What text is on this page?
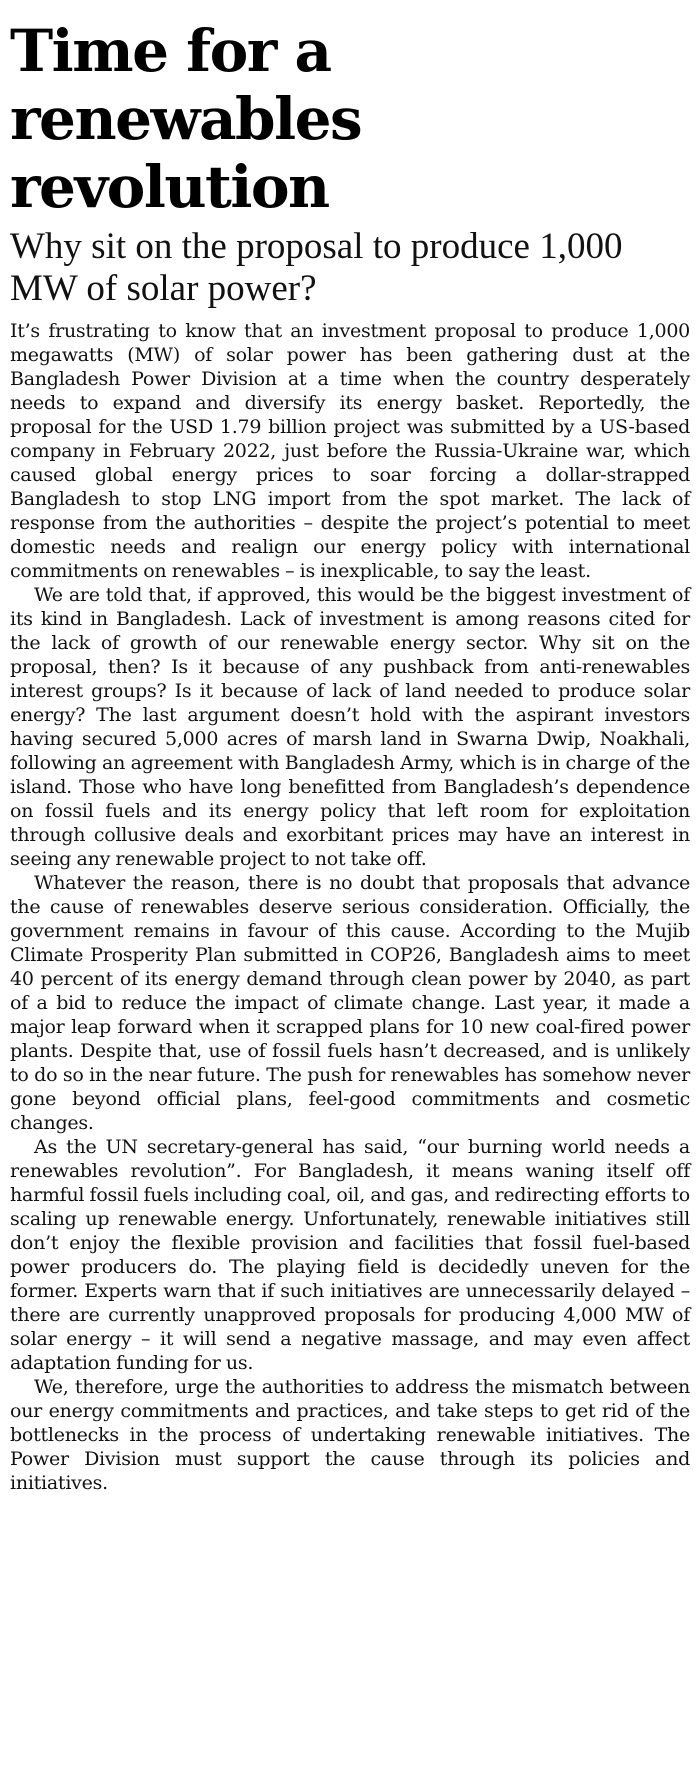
Time for a renewables revolution
Why sit on the proposal to produce 1,000 MW of solar power?

It’s frustrating to know that an investment proposal to produce 1,000 megawatts (MW) of solar power has been gathering dust at the Bangladesh Power Division at a time when the country desperately needs to expand and diversify its energy basket. Reportedly, the proposal for the USD 1.79 billion project was submitted by a US-based company in February 2022, just before the Russia-Ukraine war, which caused global energy prices to soar forcing a dollar-strapped Bangladesh to stop LNG import from the spot market. The lack of response from the authorities – despite the project’s potential to meet domestic needs and realign our energy policy with international commitments on renewables – is inexplicable, to say the least.

We are told that, if approved, this would be the biggest investment of its kind in Bangladesh. Lack of investment is among reasons cited for the lack of growth of our renewable energy sector. Why sit on the proposal, then? Is it because of any pushback from anti-renewables interest groups? Is it because of lack of land needed to produce solar energy? The last argument doesn’t hold with the aspirant investors having secured 5,000 acres of marsh land in Swarna Dwip, Noakhali, following an agreement with Bangladesh Army, which is in charge of the island. Those who have long benefitted from Bangladesh’s dependence on fossil fuels and its energy policy that left room for exploitation through collusive deals and exorbitant prices may have an interest in seeing any renewable project to not take off.

Whatever the reason, there is no doubt that proposals that advance the cause of renewables deserve serious consideration. Officially, the government remains in favour of this cause. According to the Mujib Climate Prosperity Plan submitted in COP26, Bangladesh aims to meet 40 percent of its energy demand through clean power by 2040, as part of a bid to reduce the impact of climate change. Last year, it made a major leap forward when it scrapped plans for 10 new coal-fired power plants. Despite that, use of fossil fuels hasn’t decreased, and is unlikely to do so in the near future. The push for renewables has somehow never gone beyond official plans, feel-good commitments and cosmetic changes.

As the UN secretary-general has said, “our burning world needs a renewables revolution”. For Bangladesh, it means waning itself off harmful fossil fuels including coal, oil, and gas, and redirecting efforts to scaling up renewable energy. Unfortunately, renewable initiatives still don’t enjoy the flexible provision and facilities that fossil fuel-based power producers do. The playing field is decidedly uneven for the former. Experts warn that if such initiatives are unnecessarily delayed – there are currently unapproved proposals for producing 4,000 MW of solar energy – it will send a negative massage, and may even affect adaptation funding for us.

We, therefore, urge the authorities to address the mismatch between our energy commitments and practices, and take steps to get rid of the bottlenecks in the process of undertaking renewable initiatives. The Power Division must support the cause through its policies and initiatives.
